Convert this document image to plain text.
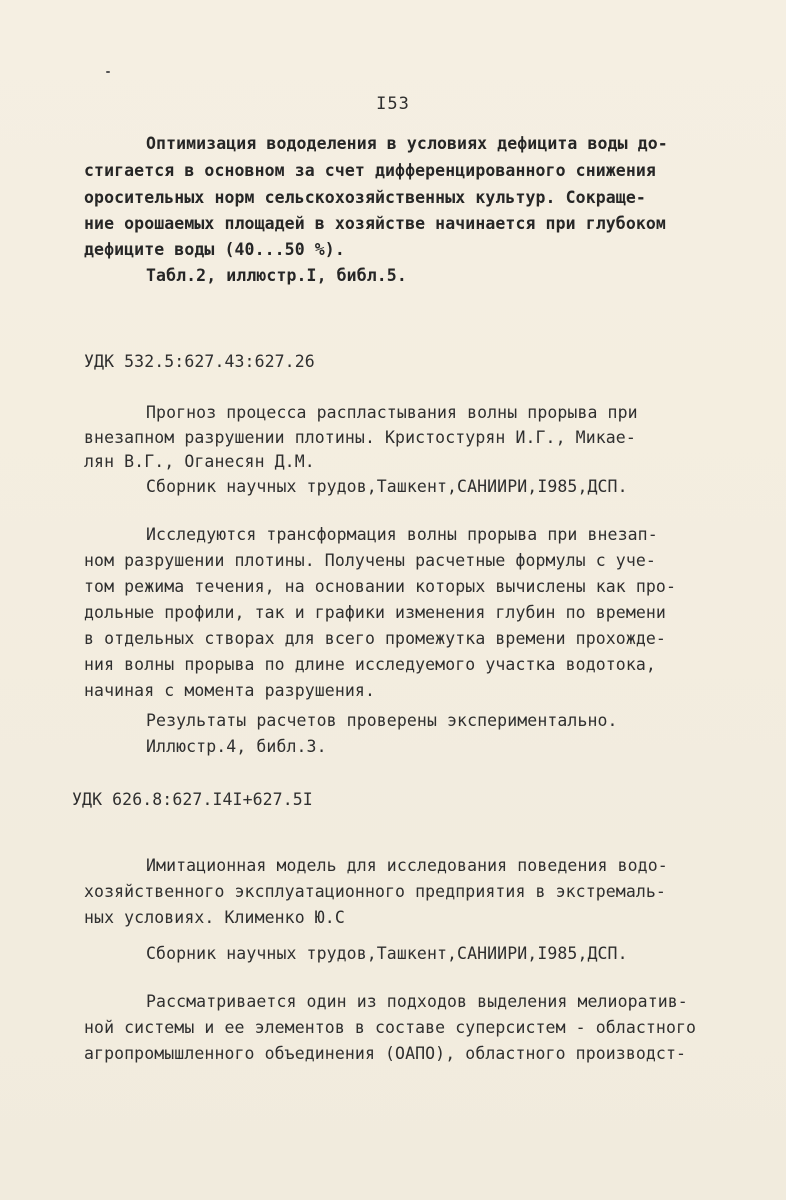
I53
Оптимизация вододеления в условиях дефицита воды до-
стигается в основном за счет дифференцированного снижения
оросительных норм сельскохозяйственных культур. Сокраще-
ние орошаемых площадей в хозяйстве начинается при глубоком
дефиците воды (40...50 %).
Табл.2, иллюстр.I, библ.5.
УДК 532.5:627.43:627.26
Прогноз процесса распластывания волны прорыва при
внезапном разрушении плотины. Кристостурян И.Г., Микае-
лян В.Г., Оганесян Д.М.
Сборник научных трудов,Ташкент,САНИИРИ,I985,ДСП.
Исследуются трансформация волны прорыва при внезап-
ном разрушении плотины. Получены расчетные формулы с уче-
том режима течения, на основании которых вычислены как про-
дольные профили, так и графики изменения глубин по времени
в отдельных створах для всего промежутка времени прохожде-
ния волны прорыва по длине исследуемого участка водотока,
начиная с момента разрушения.
Результаты расчетов проверены экспериментально.
Иллюстр.4, библ.3.
УДК 626.8:627.I4I+627.5I
Имитационная модель для исследования поведения водо-
хозяйственного эксплуатационного предприятия в экстремаль-
ных условиях. Клименко Ю.С
Сборник научных трудов,Ташкент,САНИИРИ,I985,ДСП.
Рассматривается один из подходов выделения мелиоратив-
ной системы и ее элементов в составе суперсистем - областного
агропромышленного объединения (ОАПО), областного производст-
